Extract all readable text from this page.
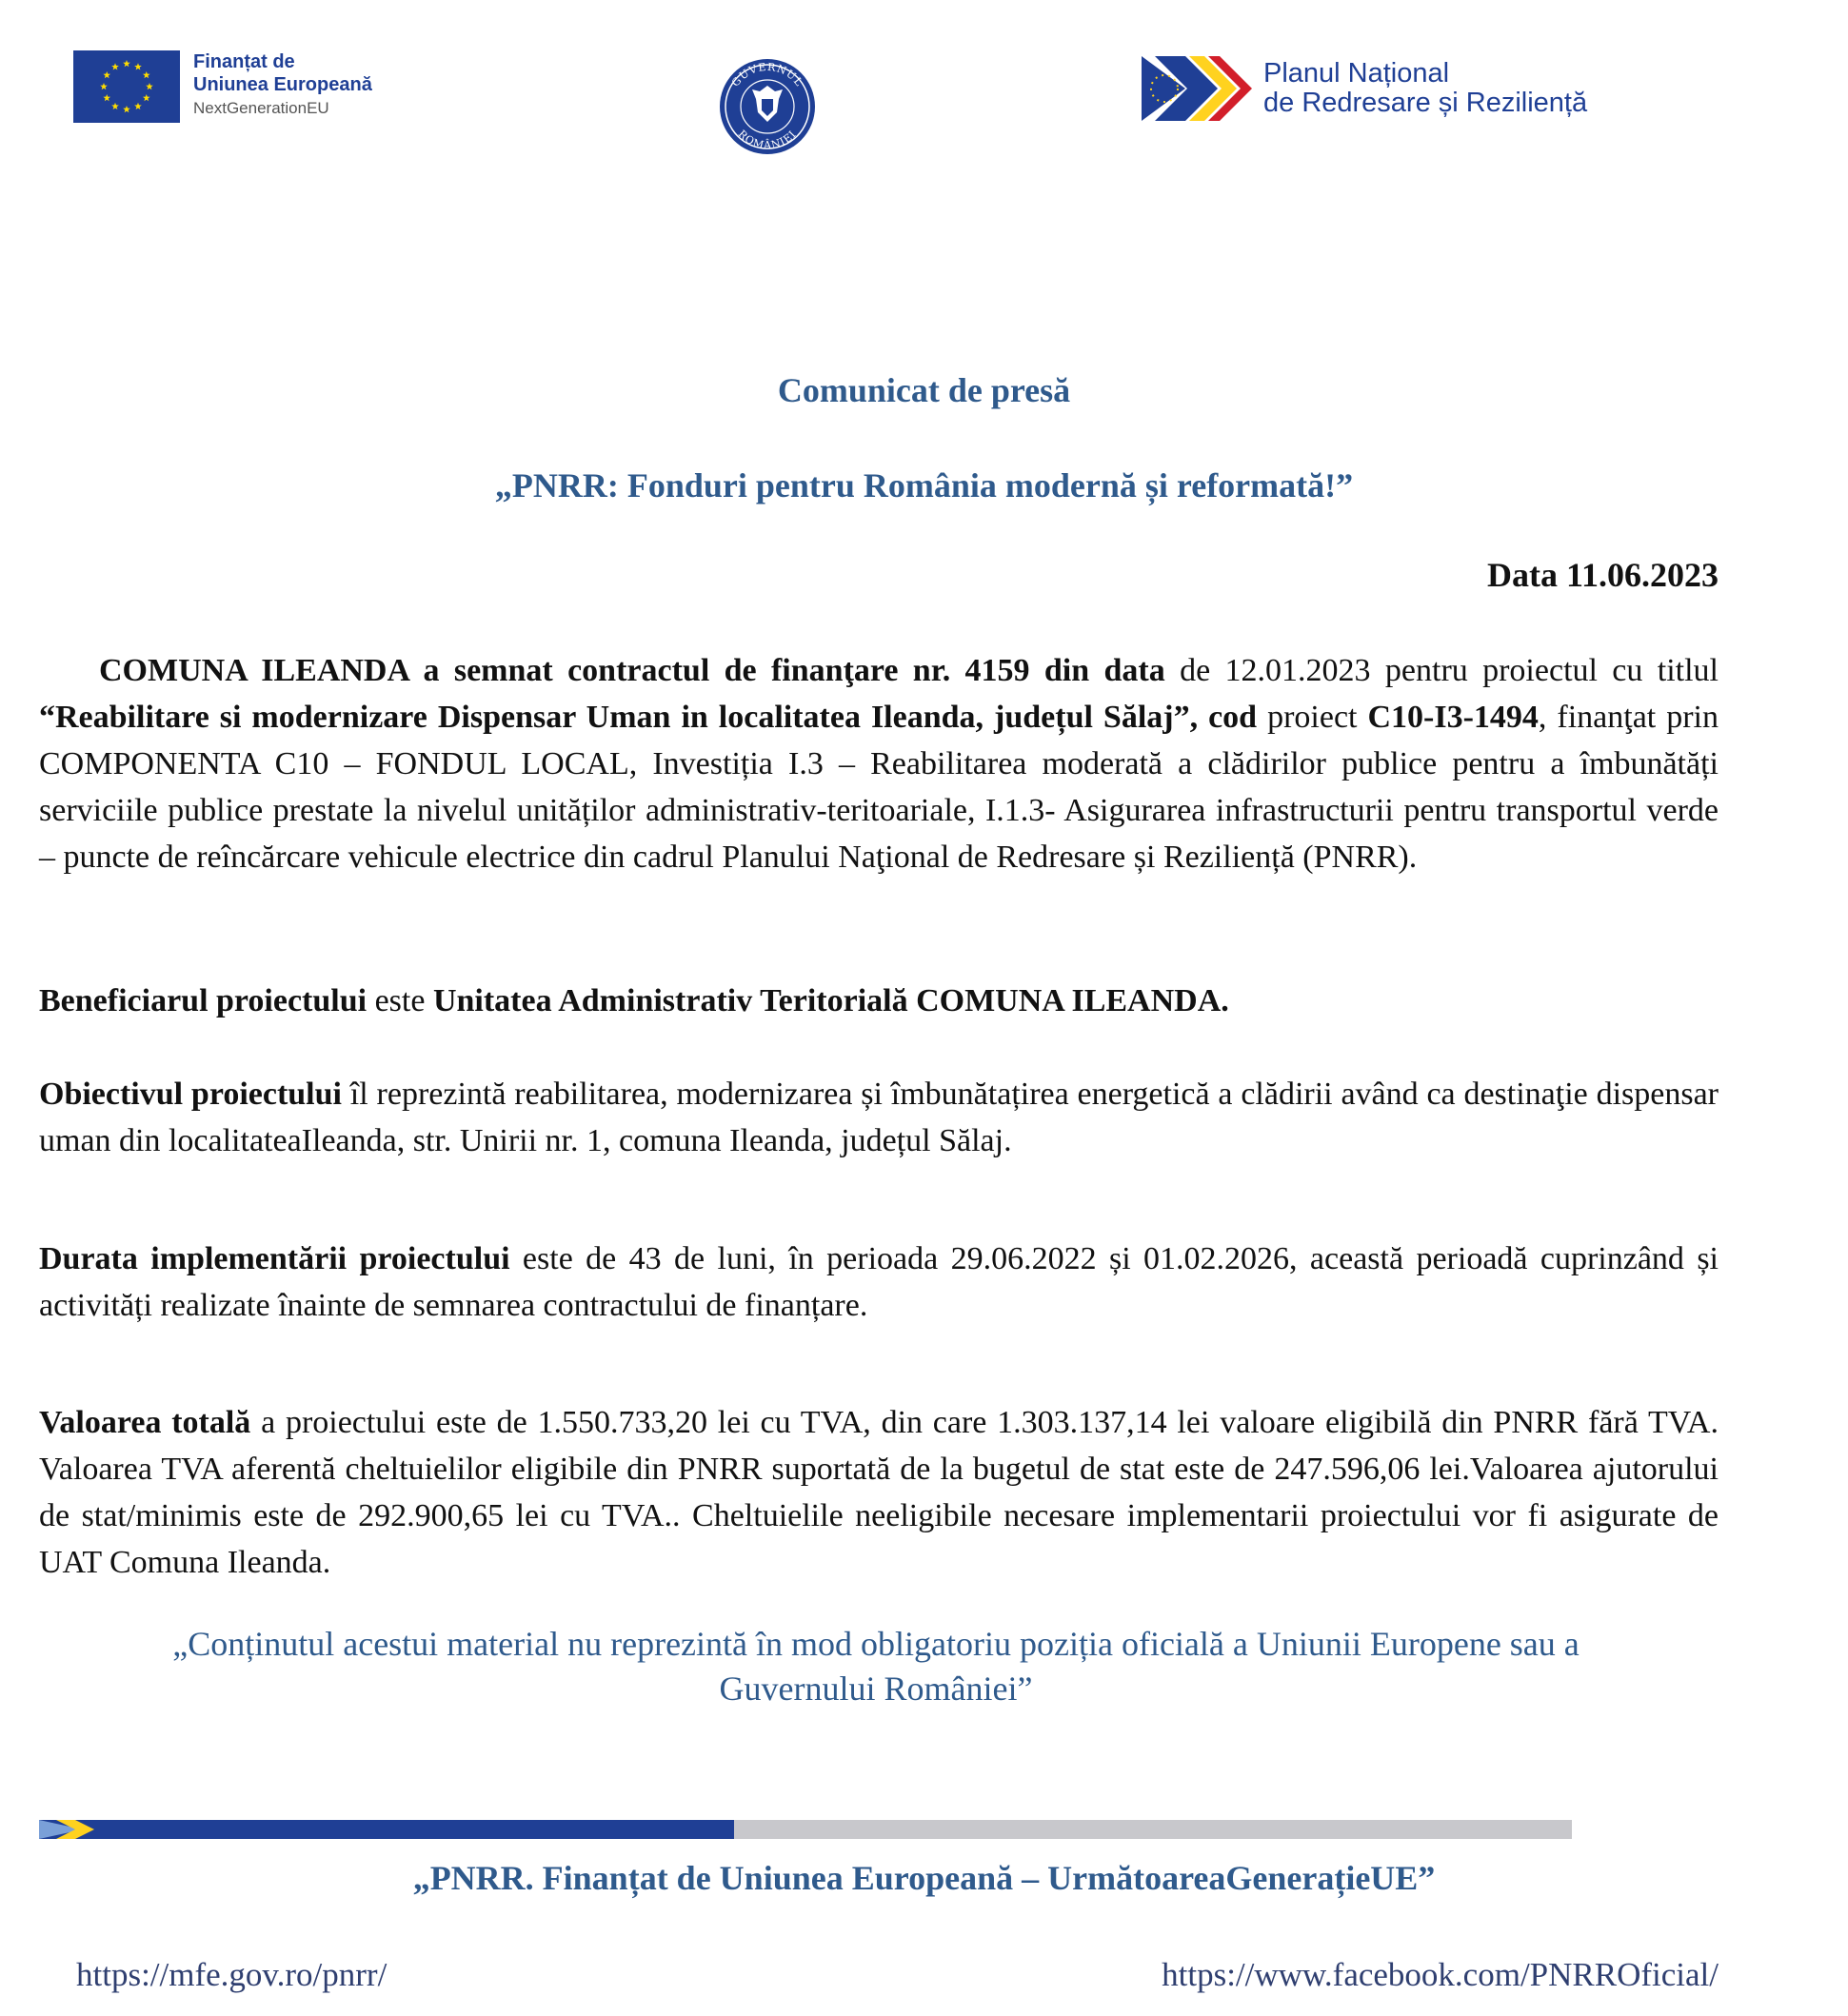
Finanțat de
Uniunea Europeană
NextGenerationEU
GUVERNUL
ROMÂNIEI
Planul Național
de Redresare și Reziliență
Comunicat de presă
„PNRR: Fonduri pentru România modernă și reformată!”
Data 11.06.2023

COMUNA ILEANDA a semnat contractul de finanţare nr. 4159 din data de 12.01.2023 pentru proiectul cu titlul “Reabilitare si modernizare Dispensar Uman in localitatea Ileanda, județul Sălaj”, cod proiect C10-I3-1494, finanţat prin COMPONENTA C10 – FONDUL LOCAL, Investiția I.3 – Reabilitarea moderată a clădirilor publice pentru a îmbunătăți serviciile publice prestate la nivelul unităților administrativ-teritoariale, I.1.3- Asigurarea infrastructurii pentru transportul verde – puncte de reîncărcare vehicule electrice din cadrul Planului Naţional de Redresare și Reziliență (PNRR).

Beneficiarul proiectului este Unitatea Administrativ Teritorială COMUNA ILEANDA.

Obiectivul proiectului îl reprezintă reabilitarea, modernizarea și îmbunătațirea energetică a clădirii având ca destinaţie dispensar uman din localitateaIleanda, str. Unirii nr. 1, comuna Ileanda, județul Sălaj.

Durata implementării proiectului este de 43 de luni, în perioada 29.06.2022 și 01.02.2026, această perioadă cuprinzând și activități realizate înainte de semnarea contractului de finanțare.

Valoarea totală a proiectului este de 1.550.733,20 lei cu TVA, din care 1.303.137,14 lei valoare eligibilă din PNRR fără TVA. Valoarea TVA aferentă cheltuielilor eligibile din PNRR suportată de la bugetul de stat este de 247.596,06 lei.Valoarea ajutorului de stat/minimis este de 292.900,65 lei cu TVA.. Cheltuielile neeligibile necesare implementarii proiectului vor fi asigurate de UAT Comuna Ileanda.

„Conținutul acestui material nu reprezintă în mod obligatoriu poziția oficială a Uniunii Europene sau a
Guvernului României”
„PNRR. Finanțat de Uniunea Europeană – UrmătoareaGenerațieUE”
https://mfe.gov.ro/pnrr/	https://www.facebook.com/PNRROficial/
